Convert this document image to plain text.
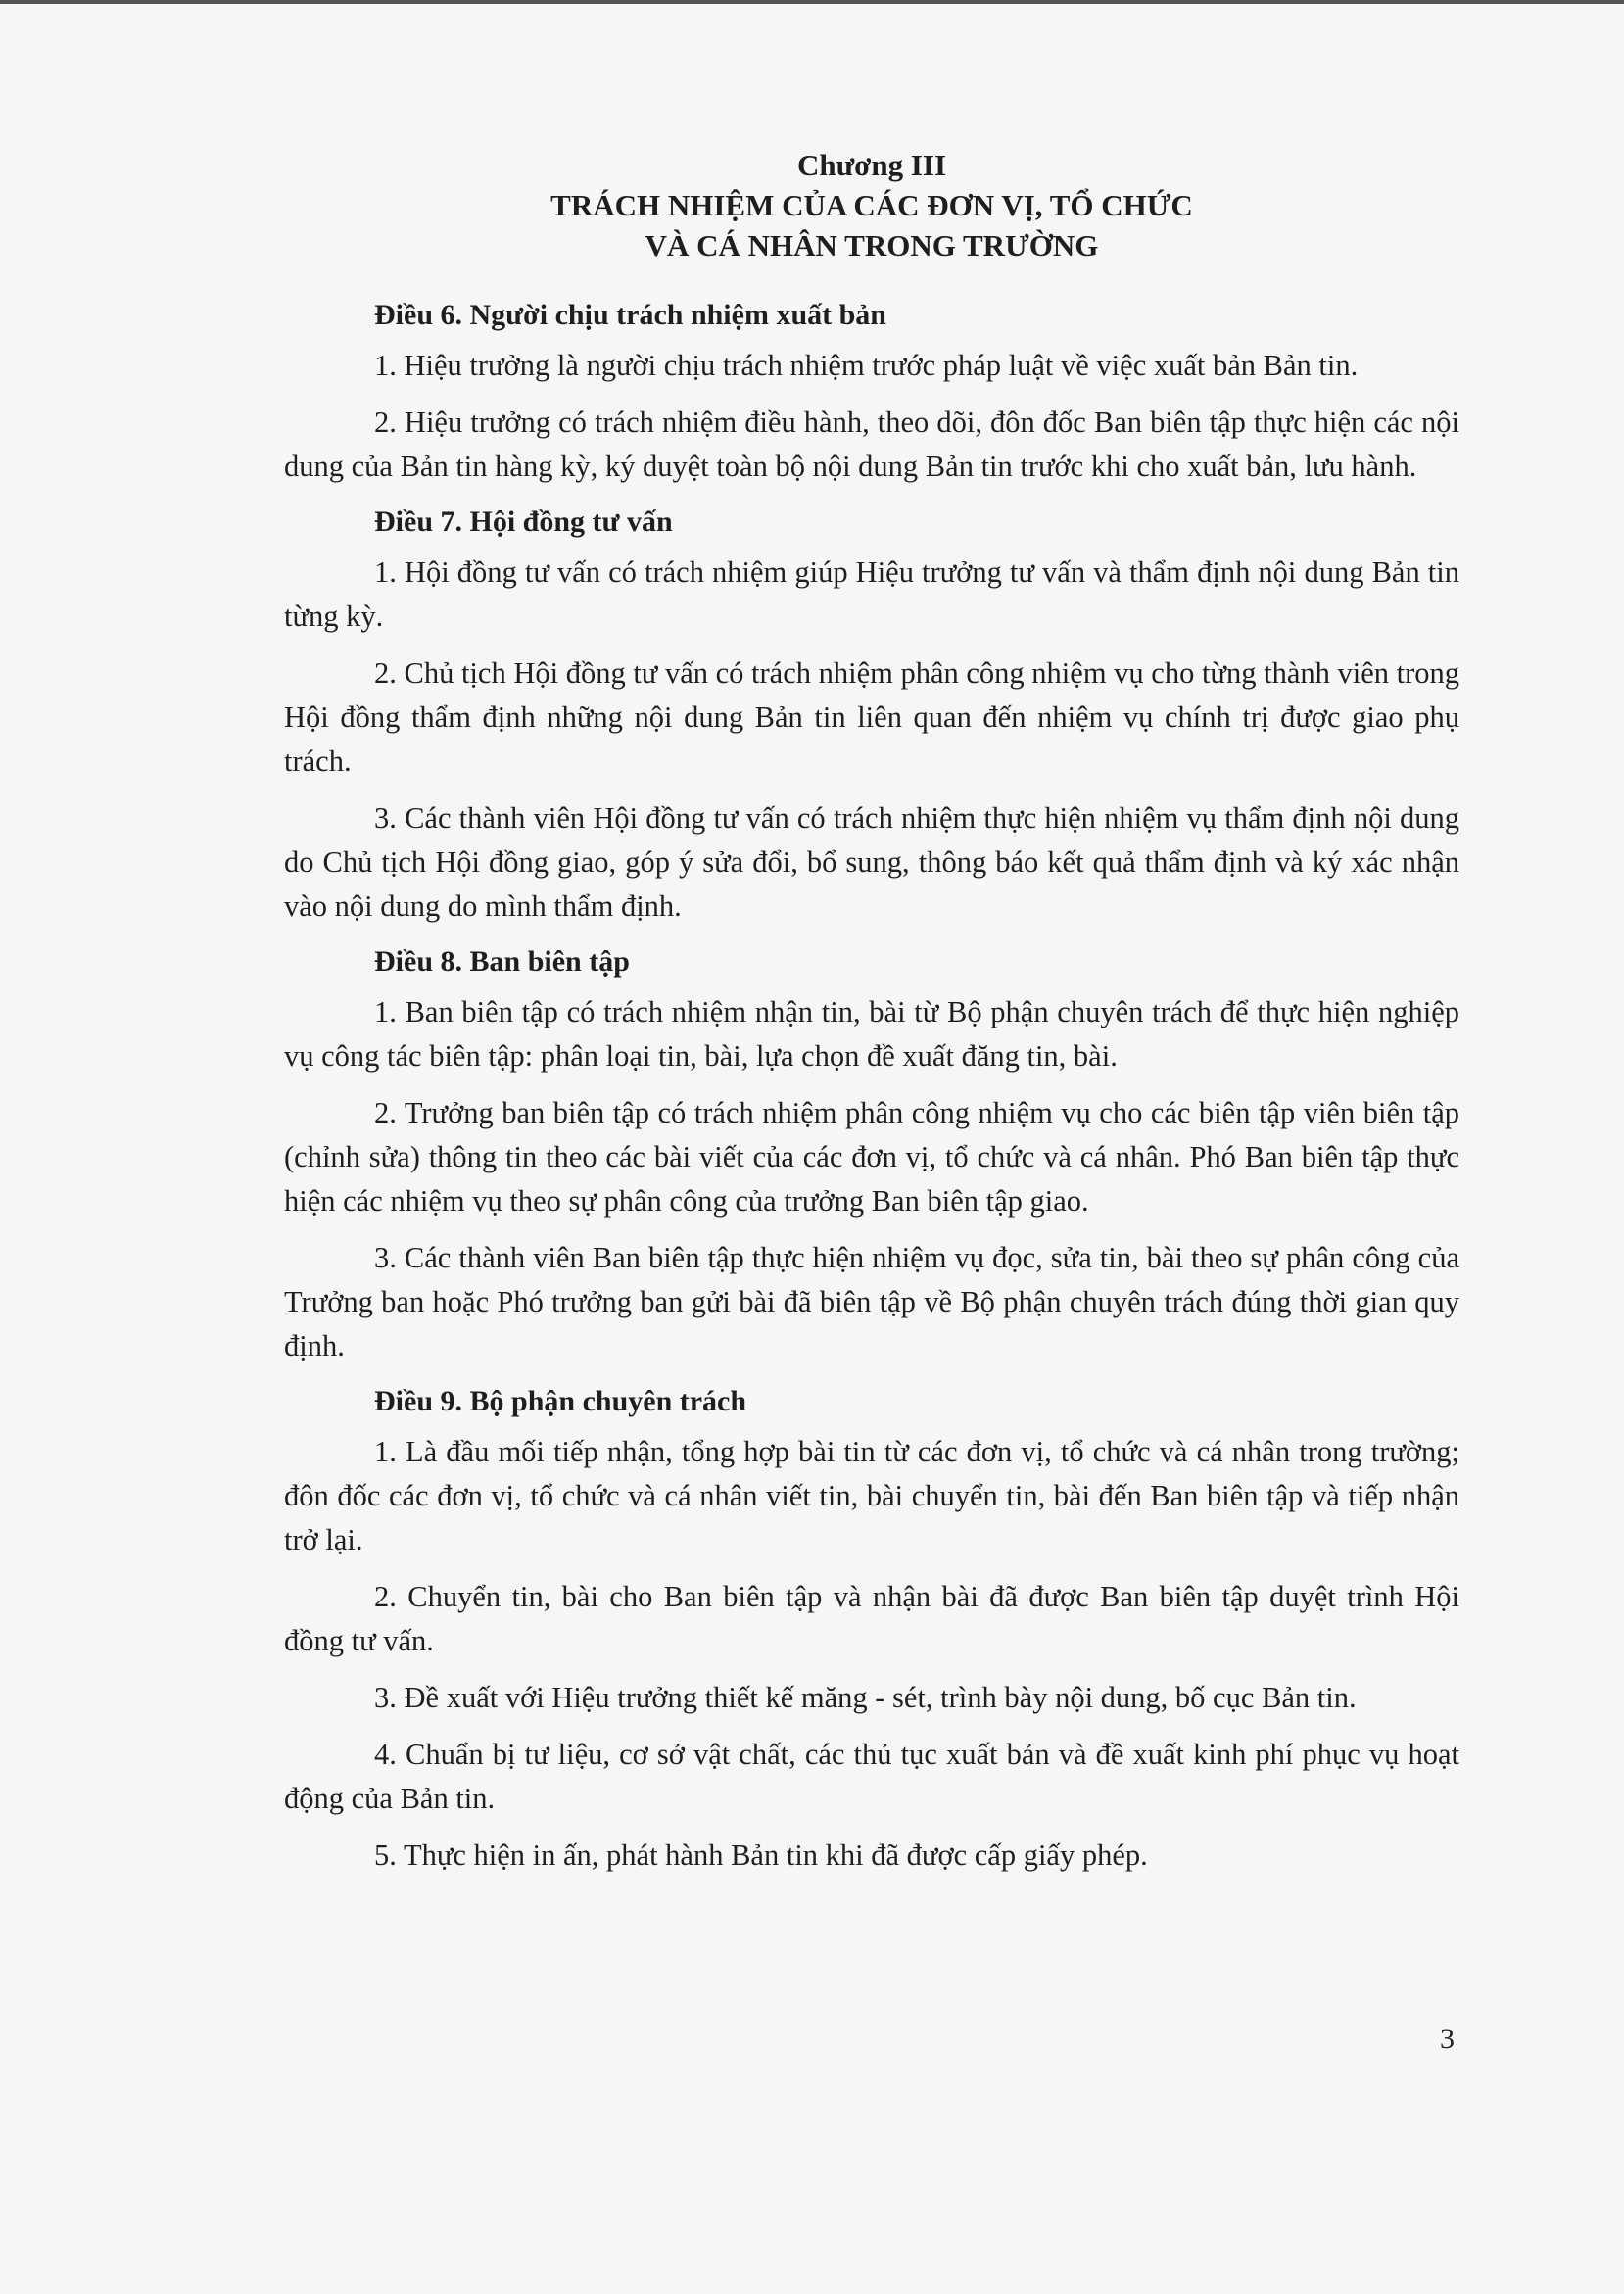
Chương III
TRÁCH NHIỆM CỦA CÁC ĐƠN VỊ, TỔ CHỨC
VÀ CÁ NHÂN TRONG TRƯỜNG
Điều 6. Người chịu trách nhiệm xuất bản

1. Hiệu trưởng là người chịu trách nhiệm trước pháp luật về việc xuất bản Bản tin.

2. Hiệu trưởng có trách nhiệm điều hành, theo dõi, đôn đốc Ban biên tập thực hiện các nội dung của Bản tin hàng kỳ, ký duyệt toàn bộ nội dung Bản tin trước khi cho xuất bản, lưu hành.

Điều 7. Hội đồng tư vấn

1. Hội đồng tư vấn có trách nhiệm giúp Hiệu trưởng tư vấn và thẩm định nội dung Bản tin từng kỳ.

2. Chủ tịch Hội đồng tư vấn có trách nhiệm phân công nhiệm vụ cho từng thành viên trong Hội đồng thẩm định những nội dung Bản tin liên quan đến nhiệm vụ chính trị được giao phụ trách.

3. Các thành viên Hội đồng tư vấn có trách nhiệm thực hiện nhiệm vụ thẩm định nội dung do Chủ tịch Hội đồng giao, góp ý sửa đổi, bổ sung, thông báo kết quả thẩm định và ký xác nhận vào nội dung do mình thẩm định.

Điều 8. Ban biên tập

1. Ban biên tập có trách nhiệm nhận tin, bài từ Bộ phận chuyên trách để thực hiện nghiệp vụ công tác biên tập: phân loại tin, bài, lựa chọn đề xuất đăng tin, bài.

2. Trưởng ban biên tập có trách nhiệm phân công nhiệm vụ cho các biên tập viên biên tập (chỉnh sửa) thông tin theo các bài viết của các đơn vị, tổ chức và cá nhân. Phó Ban biên tập thực hiện các nhiệm vụ theo sự phân công của trưởng Ban biên tập giao.

3. Các thành viên Ban biên tập thực hiện nhiệm vụ đọc, sửa tin, bài theo sự phân công của Trưởng ban hoặc Phó trưởng ban gửi bài đã biên tập về Bộ phận chuyên trách đúng thời gian quy định.

Điều 9. Bộ phận chuyên trách

1. Là đầu mối tiếp nhận, tổng hợp bài tin từ các đơn vị, tổ chức và cá nhân trong trường; đôn đốc các đơn vị, tổ chức và cá nhân viết tin, bài chuyển tin, bài đến Ban biên tập và tiếp nhận trở lại.

2. Chuyển tin, bài cho Ban biên tập và nhận bài đã được Ban biên tập duyệt trình Hội đồng tư vấn.

3. Đề xuất với Hiệu trưởng thiết kế măng - sét, trình bày nội dung, bố cục Bản tin.

4. Chuẩn bị tư liệu, cơ sở vật chất, các thủ tục xuất bản và đề xuất kinh phí phục vụ hoạt động của Bản tin.

5. Thực hiện in ấn, phát hành Bản tin khi đã được cấp giấy phép.

3
